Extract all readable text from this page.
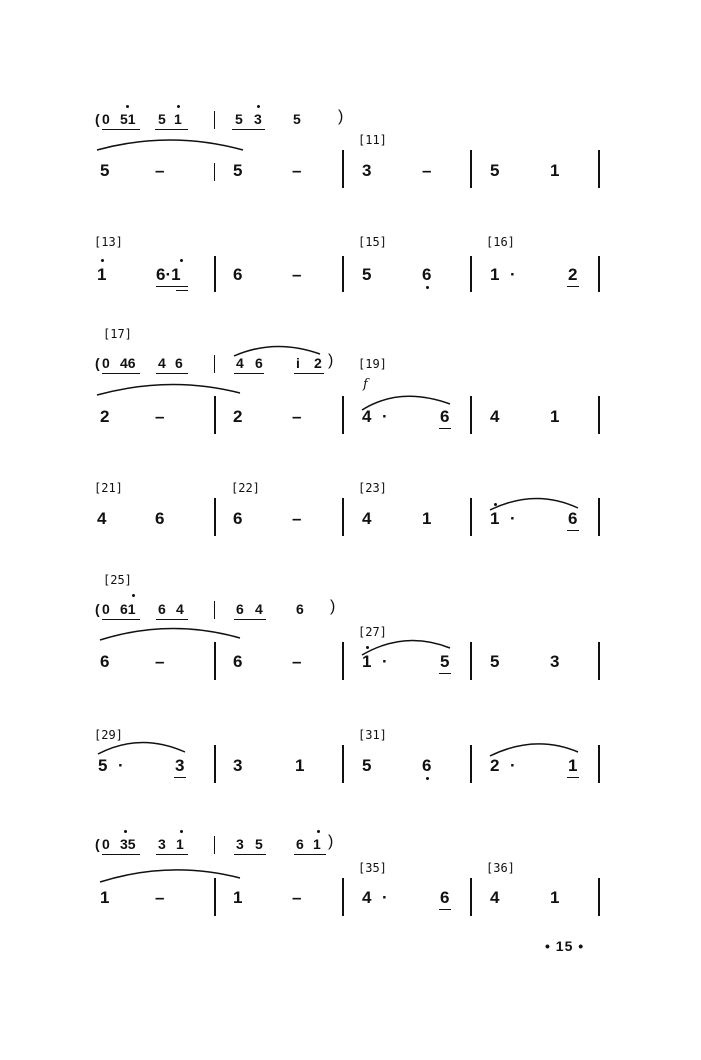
( 0 51 5 1	5 3 5 )
[11]
5	–	5	–	3	–	5	1
[13]	[15]	[16]
1	6·1	6	–	5	6	1 ·	2
[17]
( 0 46 4 6	4 6 i 2 ) [19]
f
2	–	2	–	4 ·	6 4	1
[21]	[22]	[23]
4	6	6	–	4	1	1 ·	6
[25]
( 0 61 6 4	6 4 6 )
[27]
6	–	6	–	1 ·	5 5	3
[29]	[31]
5 ·	3	3	1	5	6	2 ·	1
( 0 35 3 1	3 5 6 1 )
[35]	[36]
1	–	1	–	4 ·	6 4	1
• 15 •
